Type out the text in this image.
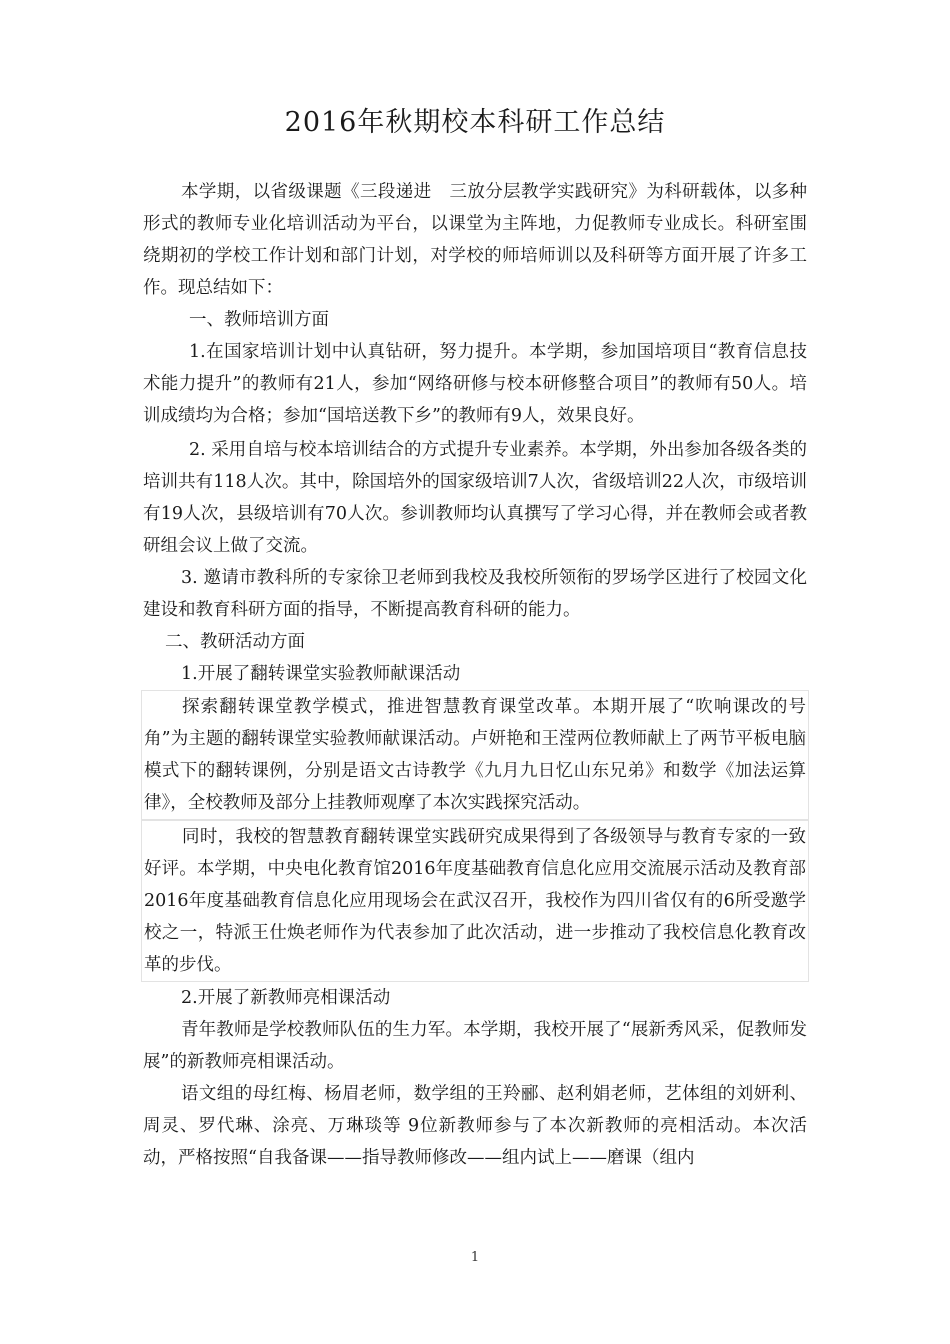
2016年秋期校本科研工作总结

本学期，以省级课题《三段递进　三放分层教学实践研究》为科研载体，以多种形式的教师专业化培训活动为平台，以课堂为主阵地，力促教师专业成长。科研室围绕期初的学校工作计划和部门计划，对学校的师培师训以及科研等方面开展了许多工作。现总结如下：

一、教师培训方面

1.在国家培训计划中认真钻研，努力提升。本学期，参加国培项目“教育信息技术能力提升”的教师有21人，参加“网络研修与校本研修整合项目”的教师有50人。培训成绩均为合格；参加“国培送教下乡”的教师有9人，效果良好。

2. 采用自培与校本培训结合的方式提升专业素养。本学期，外出参加各级各类的培训共有118人次。其中，除国培外的国家级培训7人次，省级培训22人次，市级培训有19人次，县级培训有70人次。参训教师均认真撰写了学习心得，并在教师会或者教研组会议上做了交流。

3. 邀请市教科所的专家徐卫老师到我校及我校所领衔的罗场学区进行了校园文化建设和教育科研方面的指导，不断提高教育科研的能力。

二、教研活动方面

1.开展了翻转课堂实验教师献课活动

探索翻转课堂教学模式，推进智慧教育课堂改革。本期开展了“吹响课改的号角”为主题的翻转课堂实验教师献课活动。卢妍艳和王滢两位教师献上了两节平板电脑模式下的翻转课例，分别是语文古诗教学《九月九日忆山东兄弟》和数学《加法运算律》，全校教师及部分上挂教师观摩了本次实践探究活动。

同时，我校的智慧教育翻转课堂实践研究成果得到了各级领导与教育专家的一致好评。本学期，中央电化教育馆2016年度基础教育信息化应用交流展示活动及教育部2016年度基础教育信息化应用现场会在武汉召开，我校作为四川省仅有的6所受邀学校之一，特派王仕焕老师作为代表参加了此次活动，进一步推动了我校信息化教育改革的步伐。

2.开展了新教师亮相课活动

青年教师是学校教师队伍的生力军。本学期，我校开展了“展新秀风采，促教师发展”的新教师亮相课活动。

语文组的母红梅、杨眉老师，数学组的王羚郦、赵利娟老师，艺体组的刘妍利、周灵、罗代琳、涂亮、万琳琰等 9位新教师参与了本次新教师的亮相活动。本次活动，严格按照“自我备课——指导教师修改——组内试上——磨课（组内

1
